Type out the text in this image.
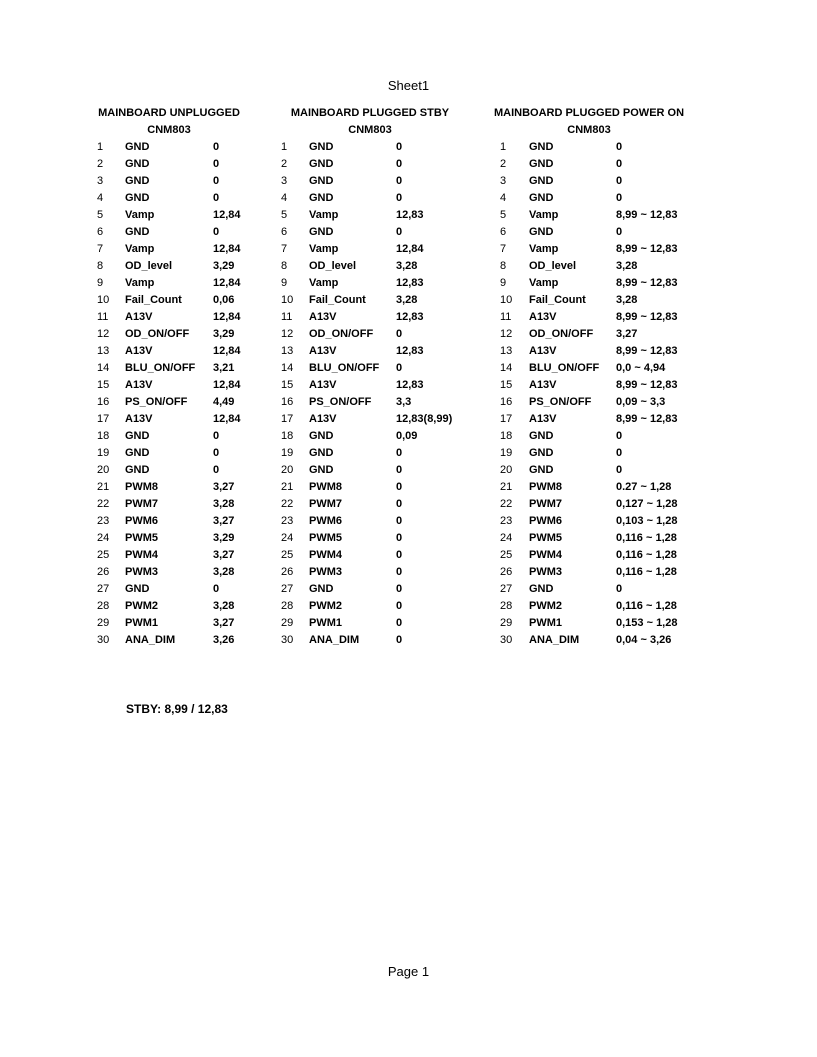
Sheet1
MAINBOARD UNPLUGGED
CNM803
1 GND	0
2 GND	0
3 GND	0
4 GND	0
5 Vamp	12,84
6 GND	0
7 Vamp	12,84
8 OD_level	3,29
9 Vamp	12,84
10 Fail_Count	0,06
11 A13V	12,84
12 OD_ON/OFF 3,29
13 A13V	12,84
14 BLU_ON/OFF 3,21
15 A13V	12,84
16 PS_ON/OFF 4,49
17 A13V	12,84
18 GND	0
19 GND	0
20 GND	0
21 PWM8	3,27
22 PWM7	3,28
23 PWM6	3,27
24 PWM5	3,29
25 PWM4	3,27
26 PWM3	3,28
27 GND	0
28 PWM2	3,28
29 PWM1	3,27
30 ANA_DIM	3,26
MAINBOARD PLUGGED STBY
CNM803
1 GND	0
2 GND	0
3 GND	0
4 GND	0
5 Vamp	12,83
6 GND	0
7 Vamp	12,84
8 OD_level	3,28
9 Vamp	12,83
10 Fail_Count	3,28
11 A13V	12,83
12 OD_ON/OFF 0
13 A13V	12,83
14 BLU_ON/OFF 0
15 A13V	12,83
16 PS_ON/OFF 3,3
17 A13V	12,83(8,99)
18 GND	0,09
19 GND	0
20 GND	0
21 PWM8	0
22 PWM7	0
23 PWM6	0
24 PWM5	0
25 PWM4	0
26 PWM3	0
27 GND	0
28 PWM2	0
29 PWM1	0
30 ANA_DIM	0
MAINBOARD PLUGGED POWER ON
CNM803
1 GND	0
2 GND	0
3 GND	0
4 GND	0
5 Vamp	8,99 ~ 12,83
6 GND	0
7 Vamp	8,99 ~ 12,83
8 OD_level	3,28
9 Vamp	8,99 ~ 12,83
10 Fail_Count	3,28
11 A13V	8,99 ~ 12,83
12 OD_ON/OFF 3,27
13 A13V	8,99 ~ 12,83
14 BLU_ON/OFF 0,0 ~ 4,94
15 A13V	8,99 ~ 12,83
16 PS_ON/OFF 0,09 ~ 3,3
17 A13V	8,99 ~ 12,83
18 GND	0
19 GND	0
20 GND	0
21 PWM8	0.27 ~ 1,28
22 PWM7	0,127 ~ 1,28
23 PWM6	0,103 ~ 1,28
24 PWM5	0,116 ~ 1,28
25 PWM4	0,116 ~ 1,28
26 PWM3	0,116 ~ 1,28
27 GND	0
28 PWM2	0,116 ~ 1,28
29 PWM1	0,153 ~ 1,28
30 ANA_DIM	0,04 ~ 3,26
STBY: 8,99 / 12,83
Page 1
